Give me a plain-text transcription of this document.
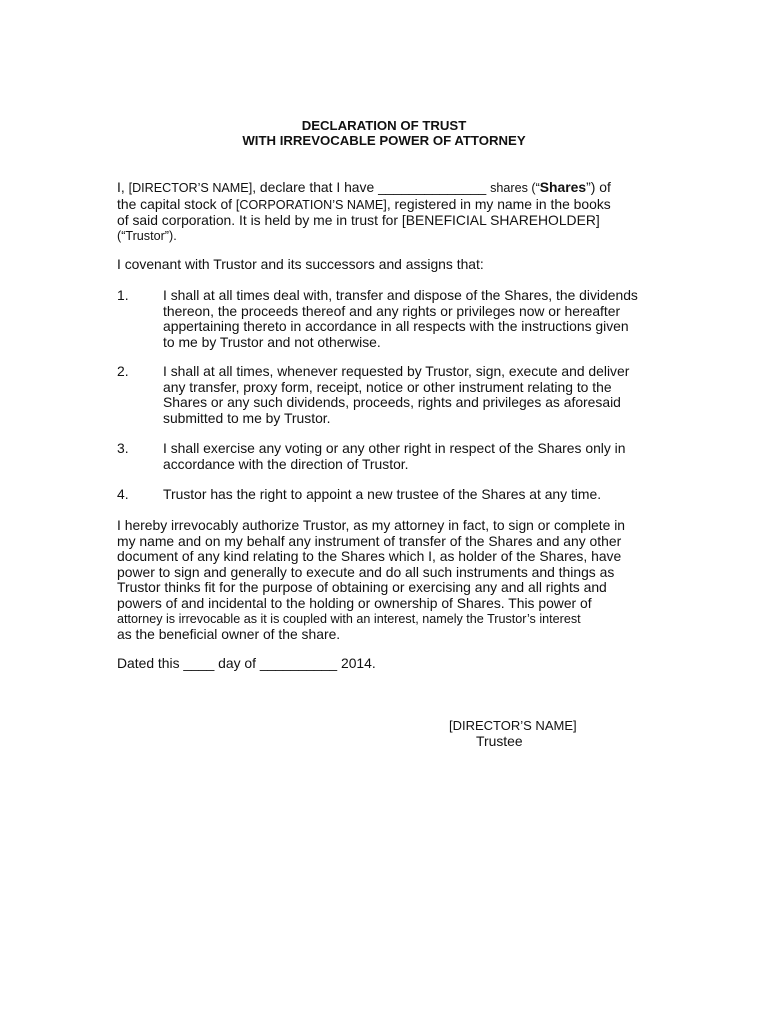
DECLARATION OF TRUST
WITH IRREVOCABLE POWER OF ATTORNEY
I, [DIRECTOR’S NAME], declare that I have ______________ shares (“Shares”) of
the capital stock of [CORPORATION’S NAME], registered in my name in the books
of said corporation. It is held by me in trust for [BENEFICIAL SHAREHOLDER]
(“Trustor”).
I covenant with Trustor and its successors and assigns that:
1. I shall at all times deal with, transfer and dispose of the Shares, the dividends
thereon, the proceeds thereof and any rights or privileges now or hereafter
appertaining thereto in accordance in all respects with the instructions given
to me by Trustor and not otherwise.
2. I shall at all times, whenever requested by Trustor, sign, execute and deliver
any transfer, proxy form, receipt, notice or other instrument relating to the
Shares or any such dividends, proceeds, rights and privileges as aforesaid
submitted to me by Trustor.
3. I shall exercise any voting or any other right in respect of the Shares only in
accordance with the direction of Trustor.
4. Trustor has the right to appoint a new trustee of the Shares at any time.
I hereby irrevocably authorize Trustor, as my attorney in fact, to sign or complete in
my name and on my behalf any instrument of transfer of the Shares and any other
document of any kind relating to the Shares which I, as holder of the Shares, have
power to sign and generally to execute and do all such instruments and things as
Trustor thinks fit for the purpose of obtaining or exercising any and all rights and
powers of and incidental to the holding or ownership of Shares. This power of
attorney is irrevocable as it is coupled with an interest, namely the Trustor’s interest
as the beneficial owner of the share.
Dated this ____ day of __________ 2014.
[DIRECTOR’S NAME]
Trustee
